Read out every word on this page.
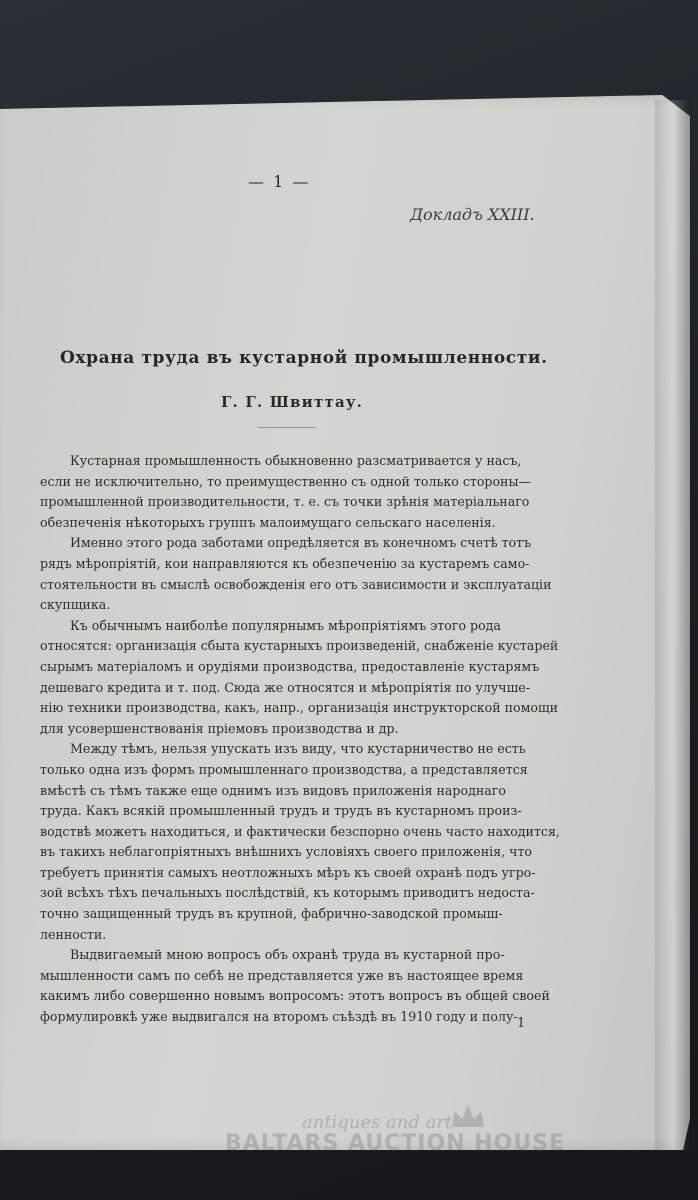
— 1 —
Докладъ XXIII.
Охрана труда въ кустарной промышленности.
Г. Г. Швиттау.
Кустарная промышленность обыкновенно разсматривается у насъ,
если не исключительно, то преимущественно съ одной только стороны—
промышленной производительности, т. е. съ точки зрѣнія матеріальнаго
обезпеченія нѣкоторыхъ группъ малоимущаго сельскаго населенія.
Именно этого рода заботами опредѣляется въ конечномъ счетѣ тотъ
рядъ мѣропріятій, кои направляются къ обезпеченію за кустаремъ само-
стоятельности въ смыслѣ освобожденія его отъ зависимости и эксплуатаціи
скупщика.
Къ обычнымъ наиболѣе популярнымъ мѣропріятіямъ этого рода
относятся: организація сбыта кустарныхъ произведеній, снабженіе кустарей
сырымъ матеріаломъ и орудіями производства, предоставленіе кустарямъ
дешеваго кредита и т. под. Сюда же относятся и мѣропріятія по улучше-
нію техники производства, какъ, напр., организація инструкторской помощи
для усовершенствованія пріемовъ производства и др.
Между тѣмъ, нельзя упускать изъ виду, что кустарничество не есть
только одна изъ формъ промышленнаго производства, а представляется
вмѣстѣ съ тѣмъ также еще однимъ изъ видовъ приложенія народнаго
труда. Какъ всякій промышленный трудъ и трудъ въ кустарномъ произ-
водствѣ можетъ находиться, и фактически безспорно очень часто находится,
въ такихъ неблагопріятныхъ внѣшнихъ условіяхъ своего приложенія, что
требуетъ принятія самыхъ неотложныхъ мѣръ къ своей охранѣ подъ угро-
зой всѣхъ тѣхъ печальныхъ послѣдствій, къ которымъ приводитъ недоста-
точно защищенный трудъ въ крупной, фабрично-заводской промыш-
ленности.
Выдвигаемый мною вопросъ объ охранѣ труда въ кустарной про-
мышленности самъ по себѣ не представляется уже въ настоящее время
какимъ либо совершенно новымъ вопросомъ: этотъ вопросъ въ общей своей
формулировкѣ уже выдвигался на второмъ съѣздѣ въ 1910 году и полу- 1
antiques and art
BALTARS AUCTION HOUSE
